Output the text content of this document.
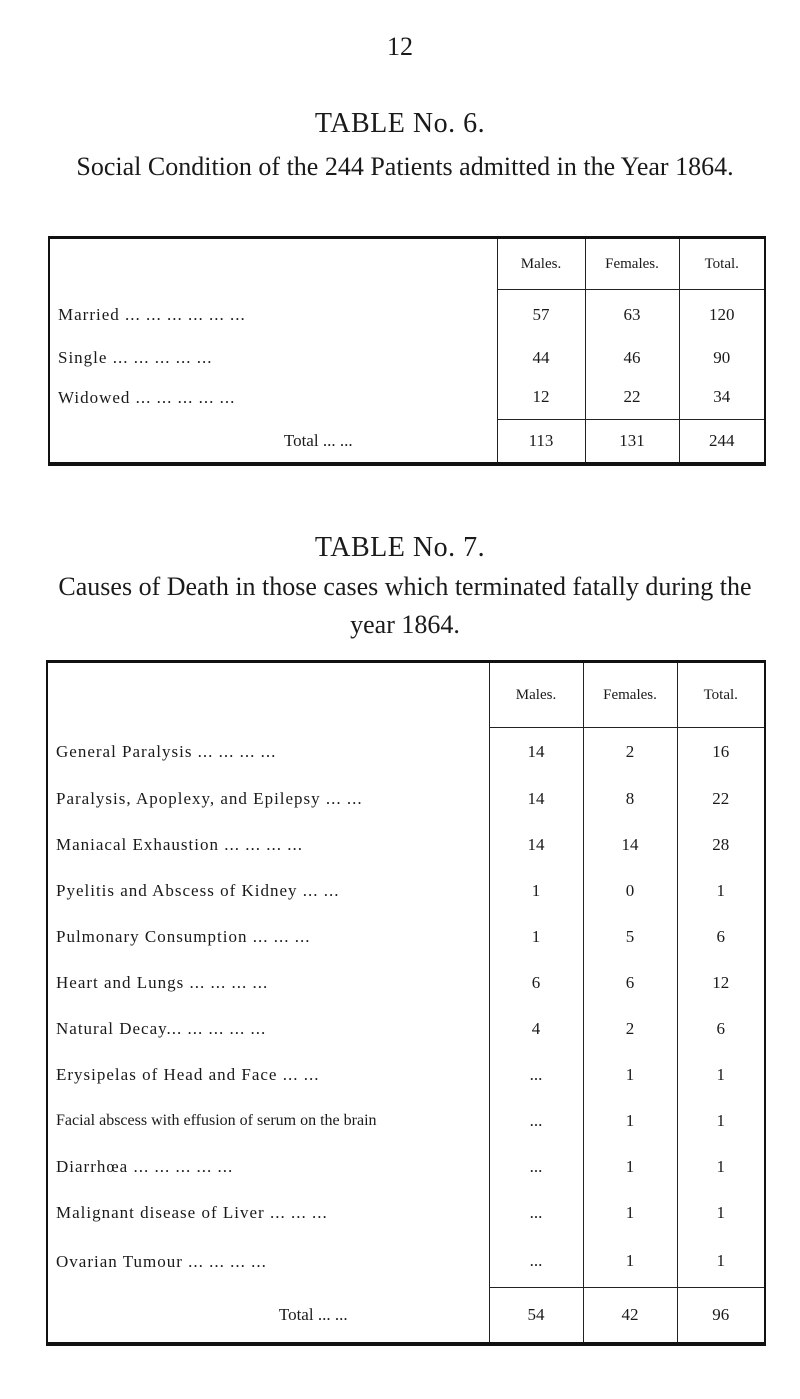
12
TABLE No. 6.
Social Condition of the 244 Patients admitted in the Year 1864.
	Males.	Females.	Total.
Married ... ... ... ... ... ...	57	63	120
Single ... ... ... ... ...	44	46	90
Widowed ... ... ... ... ...	12	22	34
Total ... ...	113	131	244
TABLE No. 7.
Causes of Death in those cases which terminated fatally during the year 1864.
	Males.	Females.	Total.
General Paralysis ... ... ... ...	14	2	16
Paralysis, Apoplexy, and Epilepsy ... ...	14	8	22
Maniacal Exhaustion ... ... ... ...	14	14	28
Pyelitis and Abscess of Kidney ... ...	1	0	1
Pulmonary Consumption ... ... ...	1	5	6
Heart and Lungs ... ... ... ...	6	6	12
Natural Decay... ... ... ... ...	4	2	6
Erysipelas of Head and Face ... ...	...	1	1
Facial abscess with effusion of serum on the brain	...	1	1
Diarrhœa ... ... ... ... ...	...	1	1
Malignant disease of Liver ... ... ...	...	1	1
Ovarian Tumour ... ... ... ...	...	1	1
Total ... ...	54	42	96
